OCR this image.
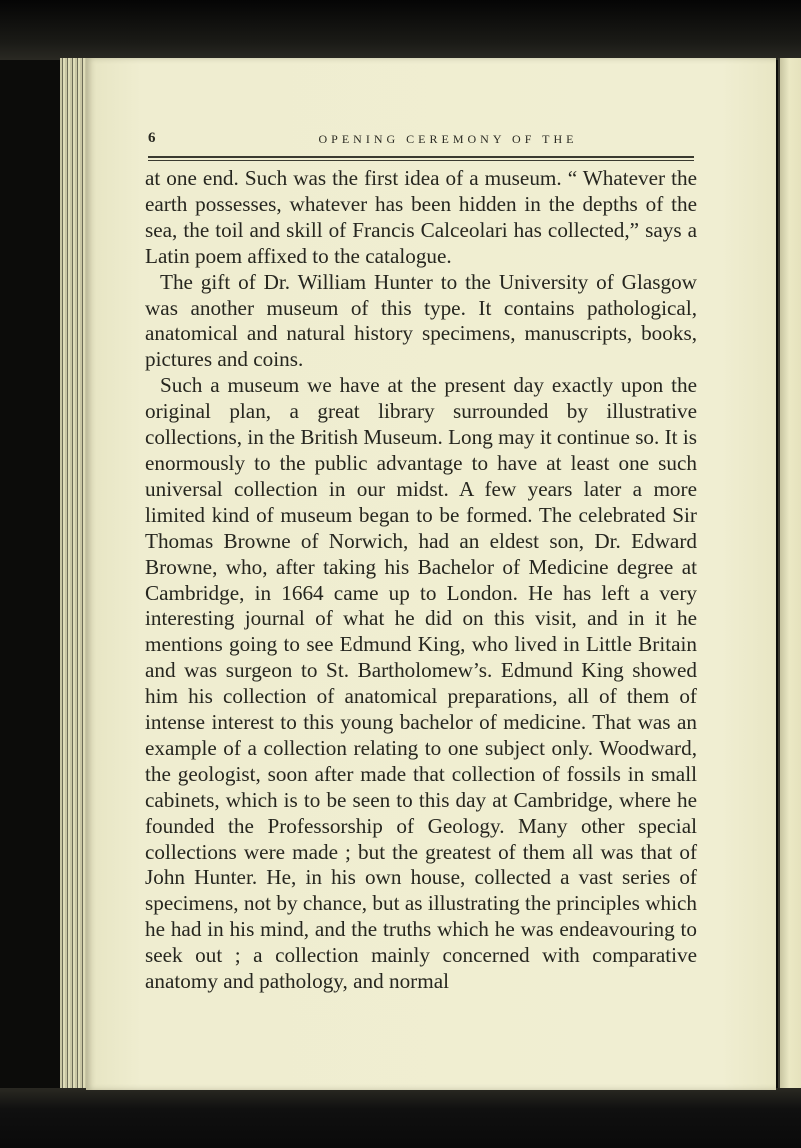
6	OPENING CEREMONY OF THE

at one end. Such was the first idea of a museum. “ Whatever the earth possesses, whatever has been hidden in the depths of the sea, the toil and skill of Francis Calceolari has collected,” says a Latin poem affixed to the catalogue.

The gift of Dr. William Hunter to the University of Glasgow was another museum of this type. It contains pathological, anatomical and natural history specimens, manuscripts, books, pictures and coins.

Such a museum we have at the present day exactly upon the original plan, a great library surrounded by illustrative collections, in the British Museum. Long may it continue so. It is enormously to the public advantage to have at least one such universal collection in our midst. A few years later a more limited kind of museum began to be formed. The celebrated Sir Thomas Browne of Norwich, had an eldest son, Dr. Edward Browne, who, after taking his Bachelor of Medicine degree at Cambridge, in 1664 came up to London. He has left a very interesting journal of what he did on this visit, and in it he mentions going to see Edmund King, who lived in Little Britain and was surgeon to St. Bartholomew’s. Edmund King showed him his collection of anatomical preparations, all of them of intense interest to this young bachelor of medicine. That was an example of a collection relating to one subject only. Woodward, the geologist, soon after made that collection of fossils in small cabinets, which is to be seen to this day at Cambridge, where he founded the Professorship of Geology. Many other special collections were made ; but the greatest of them all was that of John Hunter. He, in his own house, collected a vast series of specimens, not by chance, but as illustrating the principles which he had in his mind, and the truths which he was endeavouring to seek out ; a collection mainly concerned with comparative anatomy and pathology, and normal
